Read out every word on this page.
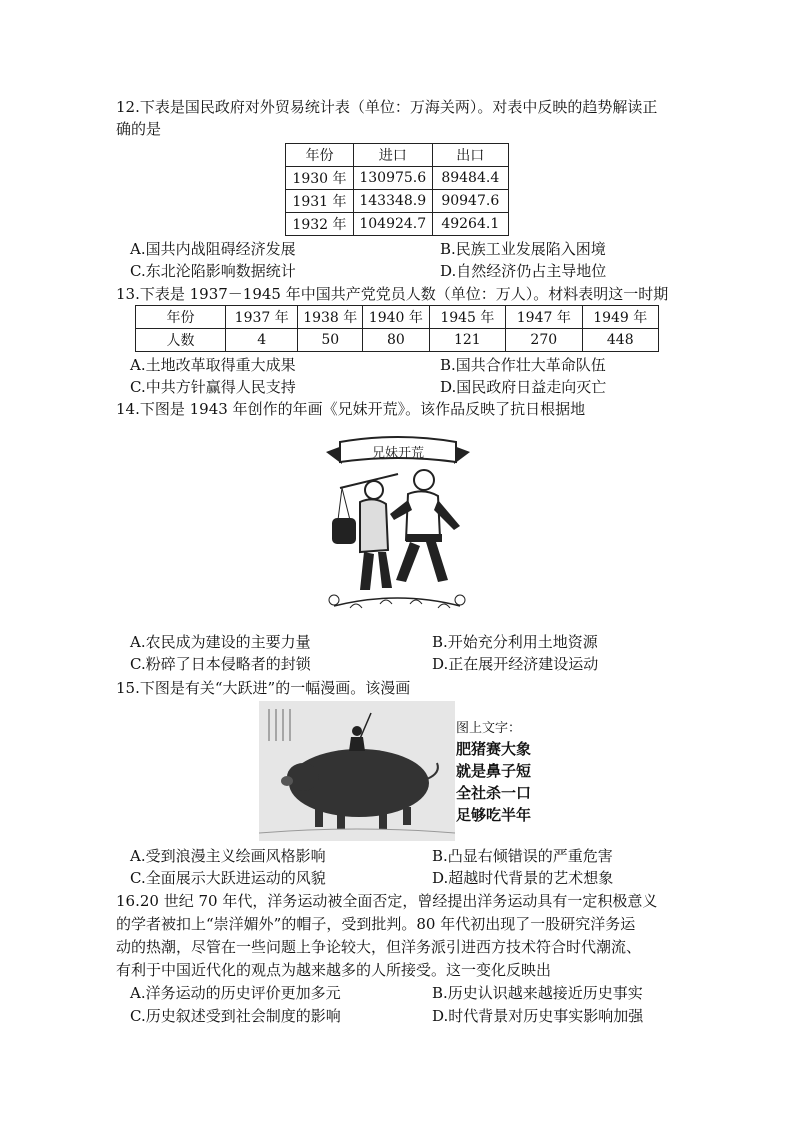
12.下表是国民政府对外贸易统计表（单位：万海关两）。对表中反映的趋势解读正
确的是
年份	进口	出口
1930 年	130975.6	89484.4
1931 年	143348.9	90947.6
1932 年	104924.7	49264.1
A.国共内战阻碍经济发展	B.民族工业发展陷入困境
C.东北沦陷影响数据统计	D.自然经济仍占主导地位
13.下表是 1937－1945 年中国共产党党员人数（单位：万人）。材料表明这一时期
年份	1937 年	1938 年	1940 年	1945 年	1947 年	1949 年
人数	4	50	80	121	270	448
A.土地改革取得重大成果	B.国共合作壮大革命队伍
C.中共方针赢得人民支持	D.国民政府日益走向灭亡
14.下图是 1943 年创作的年画《兄妹开荒》。该作品反映了抗日根据地
兄妹开荒
A.农民成为建设的主要力量	B.开始充分利用土地资源
C.粉碎了日本侵略者的封锁	D.正在展开经济建设运动
15.下图是有关“大跃进”的一幅漫画。该漫画
图上文字：
肥猪赛大象
就是鼻子短
全社杀一口
足够吃半年
A.受到浪漫主义绘画风格影响	B.凸显右倾错误的严重危害
C.全面展示大跃进运动的风貌	D.超越时代背景的艺术想象
16.20 世纪 70 年代，洋务运动被全面否定，曾经提出洋务运动具有一定积极意义
的学者被扣上“崇洋媚外”的帽子，受到批判。80 年代初出现了一股研究洋务运
动的热潮，尽管在一些问题上争论较大，但洋务派引进西方技术符合时代潮流、
有利于中国近代化的观点为越来越多的人所接受。这一变化反映出
A.洋务运动的历史评价更加多元	B.历史认识越来越接近历史事实
C.历史叙述受到社会制度的影响	D.时代背景对历史事实影响加强
